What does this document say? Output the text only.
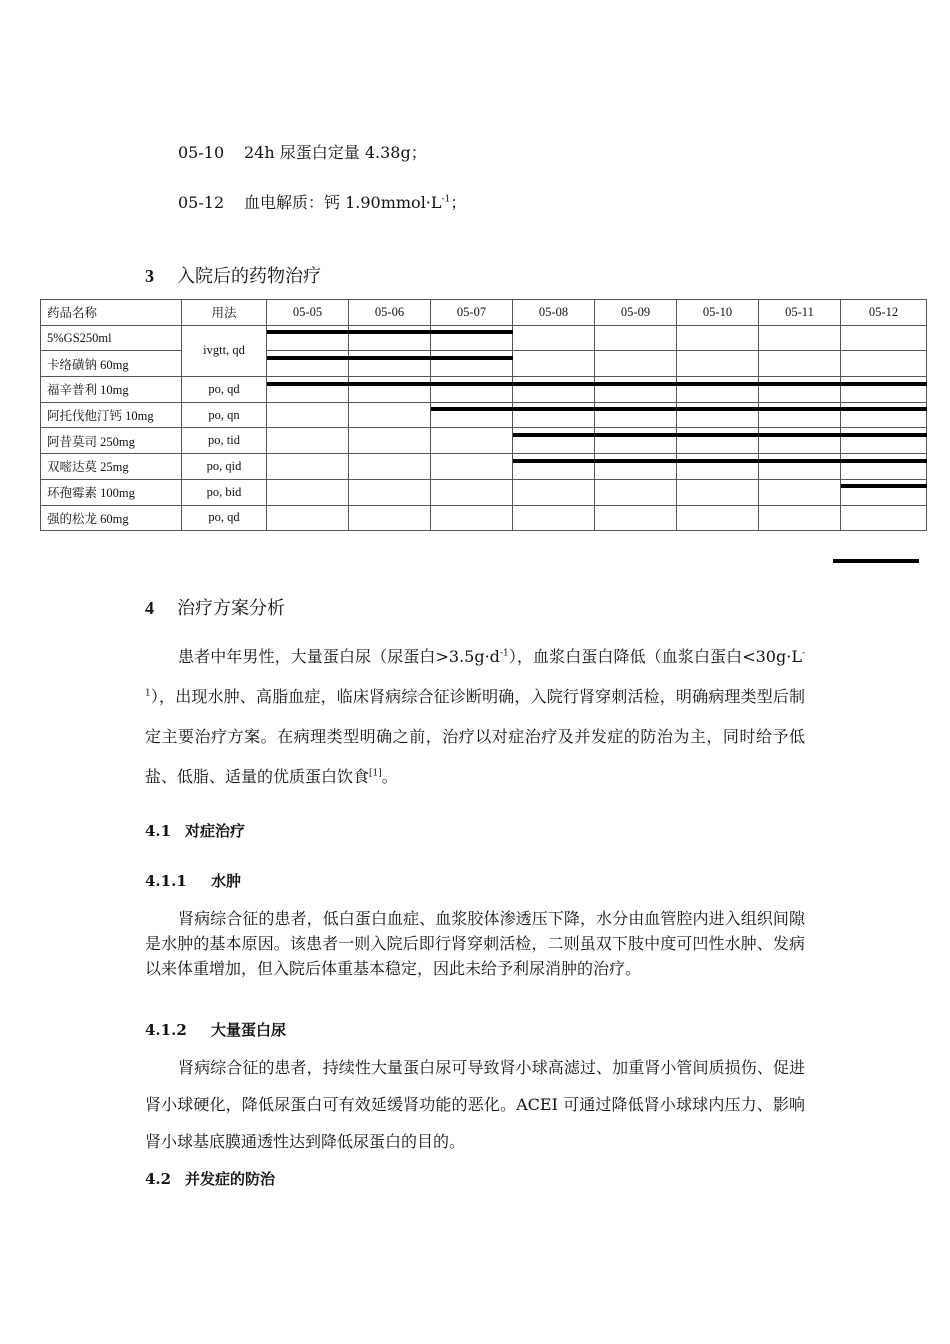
05-10 24h 尿蛋白定量 4.38g；
05-12 血电解质：钙 $1.90mmol\cdot L^{-1}$；
3 入院后的药物治疗
药品名称	用法	05-05	05-06	05-07	05-08	05-09	05-10	05-11	05-12
5%GS250ml	ivgtt, qd								
卡络磺钠 60mg									
福辛普利 10mg	po, qd								
阿托伐他汀钙 10mg	po, qn								
阿昔莫司 250mg	po, tid								
双嘧达莫 25mg	po, qid								
环孢霉素 100mg	po, bid								
强的松龙 60mg	po, qd								
4 治疗方案分析

患者中年男性，大量蛋白尿（尿蛋白$>3.5g\cdot d^{-1}$），血浆白蛋白降低（血浆白蛋白$<30g\cdot L^{-1}$），出现水肿、高脂血症，临床肾病综合征诊断明确，入院行肾穿刺活检，明确病理类型后制定主要治疗方案。在病理类型明确之前，治疗以对症治疗及并发症的防治为主，同时给予低盐、低脂、适量的优质蛋白饮食[1]。

4.1 对症治疗
4.1.1 水肿

肾病综合征的患者，低白蛋白血症、血浆胶体渗透压下降，水分由血管腔内进入组织间隙是水肿的基本原因。该患者一则入院后即行肾穿刺活检，二则虽双下肢中度可凹性水肿、发病以来体重增加，但入院后体重基本稳定，因此未给予利尿消肿的治疗。

4.1.2 大量蛋白尿

肾病综合征的患者，持续性大量蛋白尿可导致肾小球高滤过、加重肾小管间质损伤、促进肾小球硬化，降低尿蛋白可有效延缓肾功能的恶化。ACEI 可通过降低肾小球球内压力、影响肾小球基底膜通透性达到降低尿蛋白的目的。

4.2 并发症的防治
